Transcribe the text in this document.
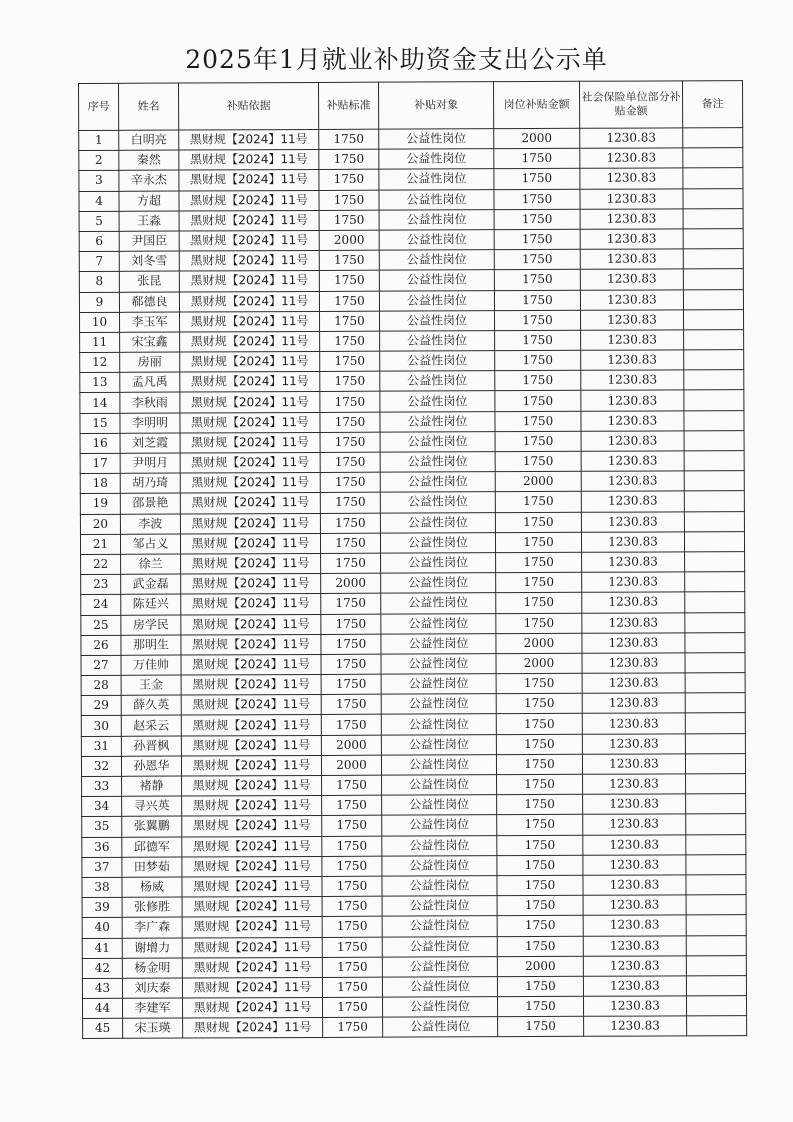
2025年1月就业补助资金支出公示单
序号	姓名	补贴依据	补贴标准	补贴对象	岗位补贴金额	社会保险单位部分补贴金额	备注
1	白明亮	黑财规【2024】11号	1750	公益性岗位	2000	1230.83	
2	秦然	黑财规【2024】11号	1750	公益性岗位	1750	1230.83	
3	辛永杰	黑财规【2024】11号	1750	公益性岗位	1750	1230.83	
4	方超	黑财规【2024】11号	1750	公益性岗位	1750	1230.83	
5	王淼	黑财规【2024】11号	1750	公益性岗位	1750	1230.83	
6	尹国臣	黑财规【2024】11号	2000	公益性岗位	1750	1230.83	
7	刘冬雪	黑财规【2024】11号	1750	公益性岗位	1750	1230.83	
8	张昆	黑财规【2024】11号	1750	公益性岗位	1750	1230.83	
9	郗德良	黑财规【2024】11号	1750	公益性岗位	1750	1230.83	
10	李玉军	黑财规【2024】11号	1750	公益性岗位	1750	1230.83	
11	宋宝鑫	黑财规【2024】11号	1750	公益性岗位	1750	1230.83	
12	房丽	黑财规【2024】11号	1750	公益性岗位	1750	1230.83	
13	孟凡禹	黑财规【2024】11号	1750	公益性岗位	1750	1230.83	
14	李秋雨	黑财规【2024】11号	1750	公益性岗位	1750	1230.83	
15	李明明	黑财规【2024】11号	1750	公益性岗位	1750	1230.83	
16	刘芝霞	黑财规【2024】11号	1750	公益性岗位	1750	1230.83	
17	尹明月	黑财规【2024】11号	1750	公益性岗位	1750	1230.83	
18	胡乃琦	黑财规【2024】11号	1750	公益性岗位	2000	1230.83	
19	邵景艳	黑财规【2024】11号	1750	公益性岗位	1750	1230.83	
20	李波	黑财规【2024】11号	1750	公益性岗位	1750	1230.83	
21	邹占义	黑财规【2024】11号	1750	公益性岗位	1750	1230.83	
22	徐兰	黑财规【2024】11号	1750	公益性岗位	1750	1230.83	
23	武金磊	黑财规【2024】11号	2000	公益性岗位	1750	1230.83	
24	陈廷兴	黑财规【2024】11号	1750	公益性岗位	1750	1230.83	
25	房学民	黑财规【2024】11号	1750	公益性岗位	1750	1230.83	
26	那明生	黑财规【2024】11号	1750	公益性岗位	2000	1230.83	
27	万佳帅	黑财规【2024】11号	1750	公益性岗位	2000	1230.83	
28	王金	黑财规【2024】11号	1750	公益性岗位	1750	1230.83	
29	薛久英	黑财规【2024】11号	1750	公益性岗位	1750	1230.83	
30	赵采云	黑财规【2024】11号	1750	公益性岗位	1750	1230.83	
31	孙晋枫	黑财规【2024】11号	2000	公益性岗位	1750	1230.83	
32	孙恩华	黑财规【2024】11号	2000	公益性岗位	1750	1230.83	
33	褚静	黑财规【2024】11号	1750	公益性岗位	1750	1230.83	
34	寻兴英	黑财规【2024】11号	1750	公益性岗位	1750	1230.83	
35	张翼鹏	黑财规【2024】11号	1750	公益性岗位	1750	1230.83	
36	邱德军	黑财规【2024】11号	1750	公益性岗位	1750	1230.83	
37	田梦茹	黑财规【2024】11号	1750	公益性岗位	1750	1230.83	
38	杨威	黑财规【2024】11号	1750	公益性岗位	1750	1230.83	
39	张修胜	黑财规【2024】11号	1750	公益性岗位	1750	1230.83	
40	李广森	黑财规【2024】11号	1750	公益性岗位	1750	1230.83	
41	谢增力	黑财规【2024】11号	1750	公益性岗位	1750	1230.83	
42	杨金明	黑财规【2024】11号	1750	公益性岗位	2000	1230.83	
43	刘庆泰	黑财规【2024】11号	1750	公益性岗位	1750	1230.83	
44	李建军	黑财规【2024】11号	1750	公益性岗位	1750	1230.83	
45	宋玉瑛	黑财规【2024】11号	1750	公益性岗位	1750	1230.83	
